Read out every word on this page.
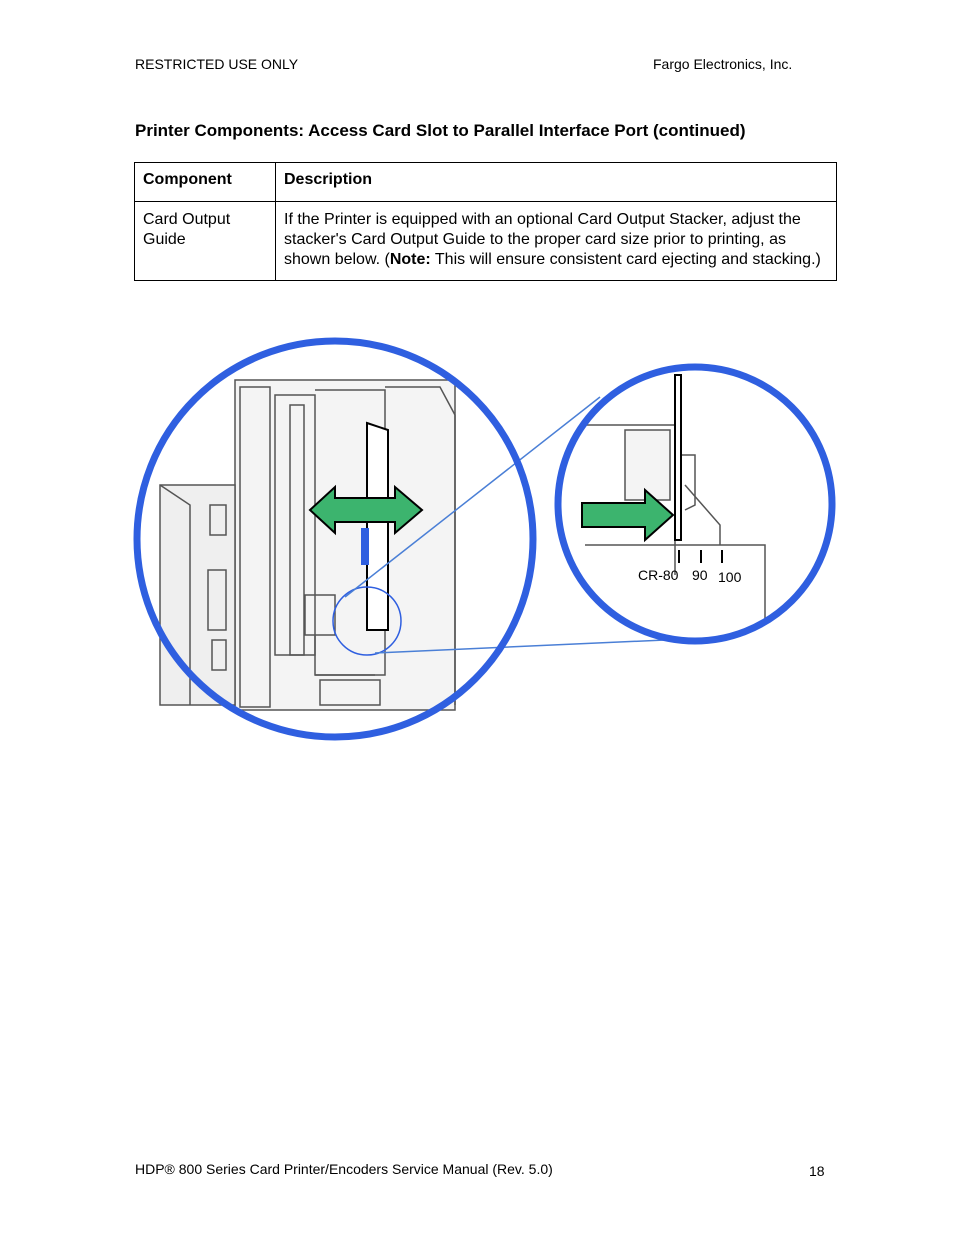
RESTRICTED USE ONLY	Fargo Electronics, Inc.
Printer Components: Access Card Slot to Parallel Interface Port (continued)
Component	Description

Card Output Guide	If the Printer is equipped with an optional Card Output Stacker, adjust the stacker's Card Output Guide to the proper card size prior to printing, as shown below. (Note: This will ensure consistent card ejecting and stacking.)
CR-80 90 100
HDP® 800 Series Card Printer/Encoders Service Manual (Rev. 5.0)	18
